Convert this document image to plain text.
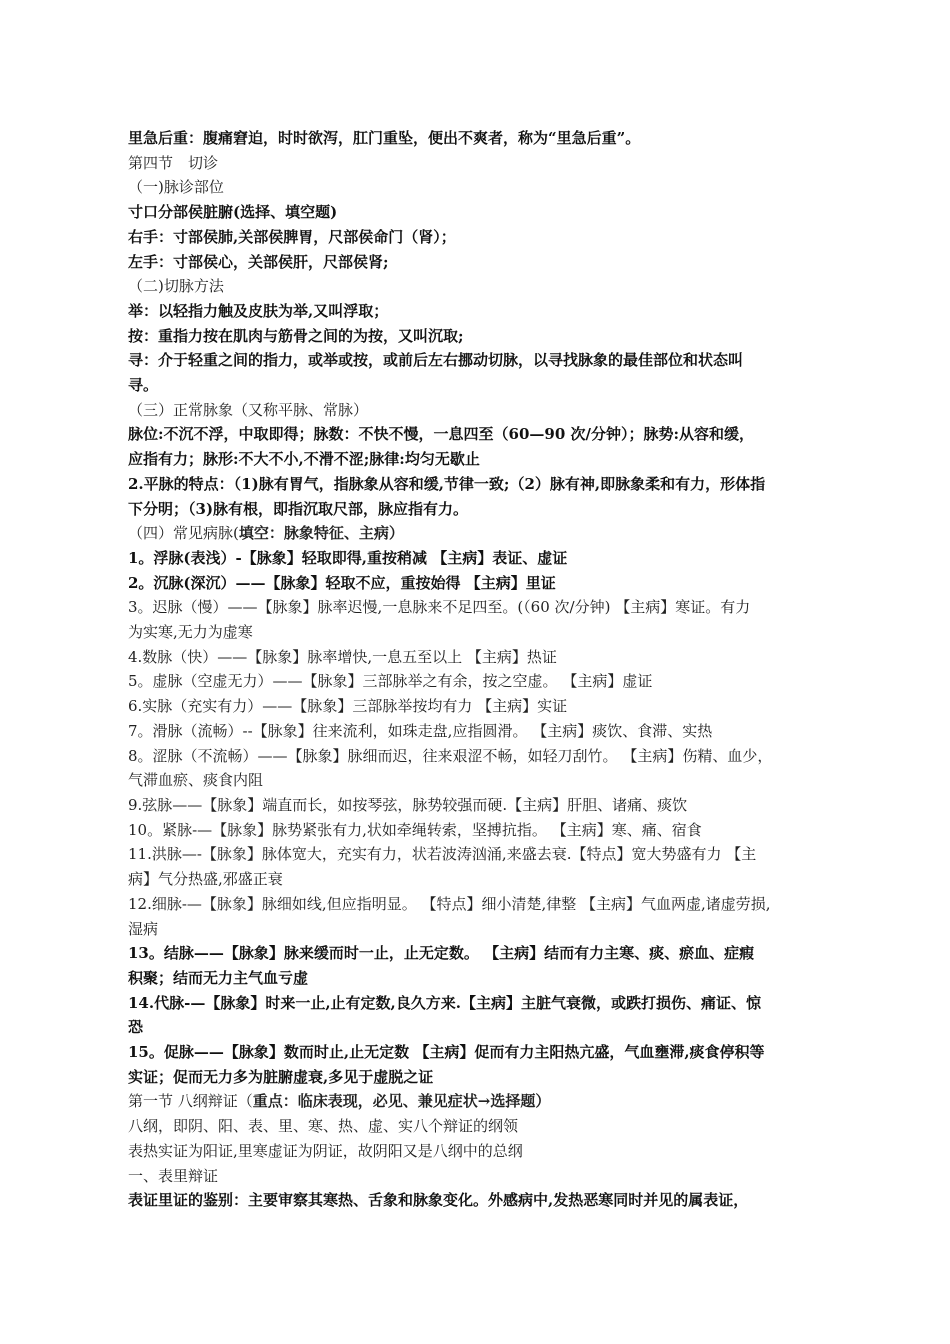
里急后重：腹痛窘迫，时时欲泻，肛门重坠，便出不爽者，称为“里急后重”。
第四节　切诊
（一)脉诊部位
寸口分部侯脏腑(选择、填空题)
右手：寸部侯肺,关部侯脾胃，尺部侯命门（肾）；
左手：寸部侯心，关部侯肝，尺部侯肾;
（二)切脉方法
举：以轻指力触及皮肤为举,又叫浮取；
按：重指力按在肌肉与筋骨之间的为按，又叫沉取;
寻：介于轻重之间的指力，或举或按，或前后左右挪动切脉，以寻找脉象的最佳部位和状态叫
寻。
（三）正常脉象（又称平脉、常脉）
脉位:不沉不浮，中取即得；脉数：不快不慢，一息四至（60—90 次/分钟）；脉势:从容和缓，
应指有力；脉形:不大不小,不滑不涩;脉律:均匀无歇止
2.平脉的特点：（1)脉有胃气，指脉象从容和缓,节律一致;（2）脉有神,即脉象柔和有力，形体指
下分明；（3)脉有根，即指沉取尺部，脉应指有力。
（四）常见病脉(填空：脉象特征、主病）
1。浮脉(表浅）-【脉象】轻取即得,重按稍减 【主病】表证、虚证
2。沉脉(深沉）——【脉象】轻取不应，重按始得 【主病】里证
3。迟脉（慢）——【脉象】脉率迟慢,一息脉来不足四至。(（60 次/分钟) 【主病】寒证。有力
为实寒,无力为虚寒
4.数脉（快）——【脉象】脉率增快,一息五至以上 【主病】热证
5。虚脉（空虚无力）——【脉象】三部脉举之有余，按之空虚。 【主病】虚证
6.实脉（充实有力）——【脉象】三部脉举按均有力 【主病】实证
7。滑脉（流畅）--【脉象】往来流利，如珠走盘,应指圆滑。 【主病】痰饮、食滞、实热
8。涩脉（不流畅）——【脉象】脉细而迟，往来艰涩不畅，如轻刀刮竹。 【主病】伤精、血少，
气滞血瘀、痰食内阻
9.弦脉——【脉象】端直而长，如按琴弦，脉势较强而硬.【主病】肝胆、诸痛、痰饮
10。紧脉-—【脉象】脉势紧张有力,状如牵绳转索，坚搏抗指。 【主病】寒、痛、宿食
11.洪脉—-【脉象】脉体宽大，充实有力，状若波涛汹涌,来盛去衰.【特点】宽大势盛有力 【主
病】气分热盛,邪盛正衰
12.细脉-—【脉象】脉细如线,但应指明显。 【特点】细小清楚,律整 【主病】气血两虚,诸虚劳损,
湿病
13。结脉——【脉象】脉来缓而时一止，止无定数。 【主病】结而有力主寒、痰、瘀血、症瘕
积聚；结而无力主气血亏虚
14.代脉-—【脉象】时来一止,止有定数,良久方来.【主病】主脏气衰微，或跌打损伤、痛证、惊
恐
15。促脉——【脉象】数而时止,止无定数 【主病】促而有力主阳热亢盛，气血壅滞,痰食停积等
实证；促而无力多为脏腑虚衰,多见于虚脱之证
第一节 八纲辩证（重点：临床表现，必见、兼见症状→选择题）
八纲，即阴、阳、表、里、寒、热、虚、实八个辩证的纲领
表热实证为阳证,里寒虚证为阴证，故阴阳又是八纲中的总纲
一、表里辩证
表证里证的鉴别：主要审察其寒热、舌象和脉象变化。外感病中,发热恶寒同时并见的属表证，
